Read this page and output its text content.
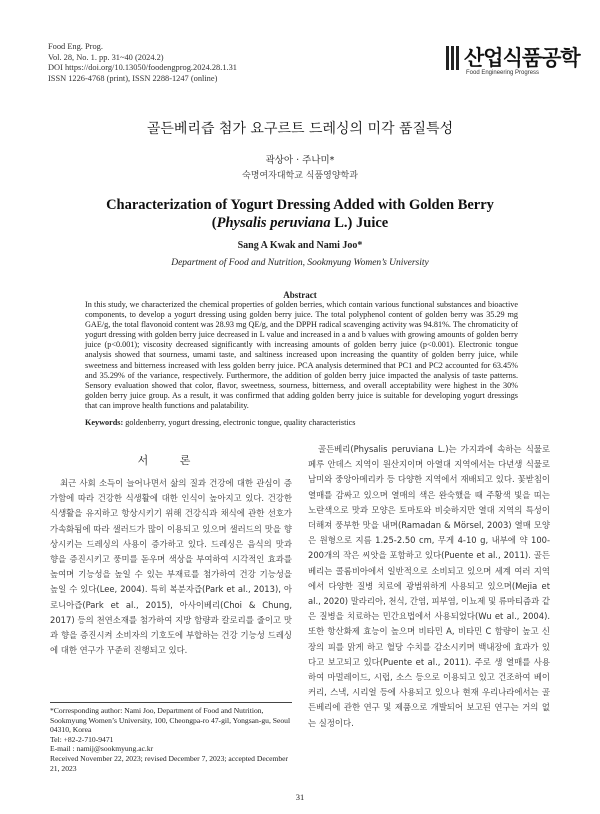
Food Eng. Prog.
Vol. 28, No. 1. pp. 31~40 (2024.2)
DOI https://doi.org/10.13050/foodengprog.2024.28.1.31
ISSN 1226-4768 (print), ISSN 2288-1247 (online)
산업식품공학
Food Engineering Progress
골든베리즙 첨가 요구르트 드레싱의 미각 품질특성
곽상아 · 주나미*
숙명여자대학교 식품영양학과
Characterization of Yogurt Dressing Added with Golden Berry
(Physalis peruviana L.) Juice
Sang A Kwak and Nami Joo*
Department of Food and Nutrition, Sookmyung Women’s University
Abstract
In this study, we characterized the chemical properties of golden berries, which contain various functional substances and bioactive components, to develop a yogurt dressing using golden berry juice. The total polyphenol content of golden berry was 35.29 mg GAE/g, the total flavonoid content was 28.93 mg QE/g, and the DPPH radical scavenging activity was 94.81%. The chromaticity of yogurt dressing with golden berry juice decreased in L value and increased in a and b values with growing amounts of golden berry juice (p<0.001); viscosity decreased significantly with increasing amounts of golden berry juice (p<0.001). Electronic tongue analysis showed that sourness, umami taste, and saltiness increased upon increasing the quantity of golden berry juice, while sweetness and bitterness increased with less golden berry juice. PCA analysis determined that PC1 and PC2 accounted for 63.45% and 35.29% of the variance, respectively. Furthermore, the addition of golden berry juice impacted the analysis of taste patterns. Sensory evaluation showed that color, flavor, sweetness, sourness, bitterness, and overall acceptability were highest in the 30% golden berry juice group. As a result, it was confirmed that adding golden berry juice is suitable for developing yogurt dressings that can improve health functions and palatability.
Keywords: goldenberry, yogurt dressing, electronic tongue, quality characteristics
서 론

최근 사회 소득이 늘어나면서 삶의 질과 건강에 대한 관심이 증가함에 따라 건강한 식생활에 대한 인식이 높아지고 있다. 건강한 식생활을 유지하고 항상시키기 위해 건강식과 채식에 관한 선호가 가속화됨에 따라 샐러드가 많이 이용되고 있으며 샐러드의 맛을 향상시키는 드레싱의 사용이 증가하고 있다. 드레싱은 음식의 맛과 향을 증진시키고 풍미를 돋우며 색상을 부여하여 시각적인 효과를 높여며 기능성을 높일 수 있는 부재료를 첨가하여 건강 기능성을 높일 수 있다(Lee, 2004). 특히 복분자즙(Park et al., 2013), 아로니아즙(Park et al., 2015), 아사이베리(Choi & Chung, 2017) 등의 천연소재를 첨가하여 지방 함량과 칼로리를 줄이고 맛과 향을 증진시켜 소비자의 기호도에 부합하는 건강 기능성 드레싱에 대한 연구가 꾸준히 진행되고 있다.

*Corresponding author: Nami Joo, Department of Food and Nutrition, Sookmyung Women’s University, 100, Cheongpa-ro 47-gil, Yongsan-gu, Seoul 04310, Korea
Tel: +82-2-710-9471
E-mail : namij@sookmyung.ac.kr
Received November 22, 2023; revised December 7, 2023; accepted December 21, 2023

골든베리(Physalis peruviana L.)는 가지과에 속하는 식물로 페루 안데스 지역이 원산지이며 아열대 지역에서는 다년생 식물로 남미와 중앙아메리카 등 다양한 지역에서 재배되고 있다. 꽃받침이 열매를 감싸고 있으며 열매의 색은 완숙했을 때 주황색 빛을 띠는 노란색으로 맛과 모양은 토마토와 비슷하지만 열대 지역의 특성이 더해져 풍부한 맛을 내며(Ramadan & Mörsel, 2003) 열매 모양은 원형으로 지름 1.25-2.50 cm, 무게 4-10 g, 내부에 약 100-200개의 작은 씨앗을 포함하고 있다(Puente et al., 2011). 골든베리는 콜롬비아에서 일반적으로 소비되고 있으며 세계 여러 지역에서 다양한 질병 치료에 광범위하게 사용되고 있으며(Mejia et al., 2020) 말라리아, 천식, 간염, 피부염, 이뇨제 및 류마티즘과 같은 질병을 치료하는 민간요법에서 사용되었다(Wu et al., 2004). 또한 항산화제 효능이 높으며 비타민 A, 비타민 C 함량이 높고 신장의 피를 맑게 하고 혈당 수치를 감소시키며 백내장에 효과가 있다고 보고되고 있다(Puente et al., 2011). 주로 생 열매를 사용하여 마멀레이드, 시럽, 소스 등으로 이용되고 있고 건조하여 베이커리, 스낵, 시리얼 등에 사용되고 있으나 현재 우리나라에서는 골든베리에 관한 연구 및 제품으로 개발되어 보고된 연구는 거의 없는 실정이다.

31
